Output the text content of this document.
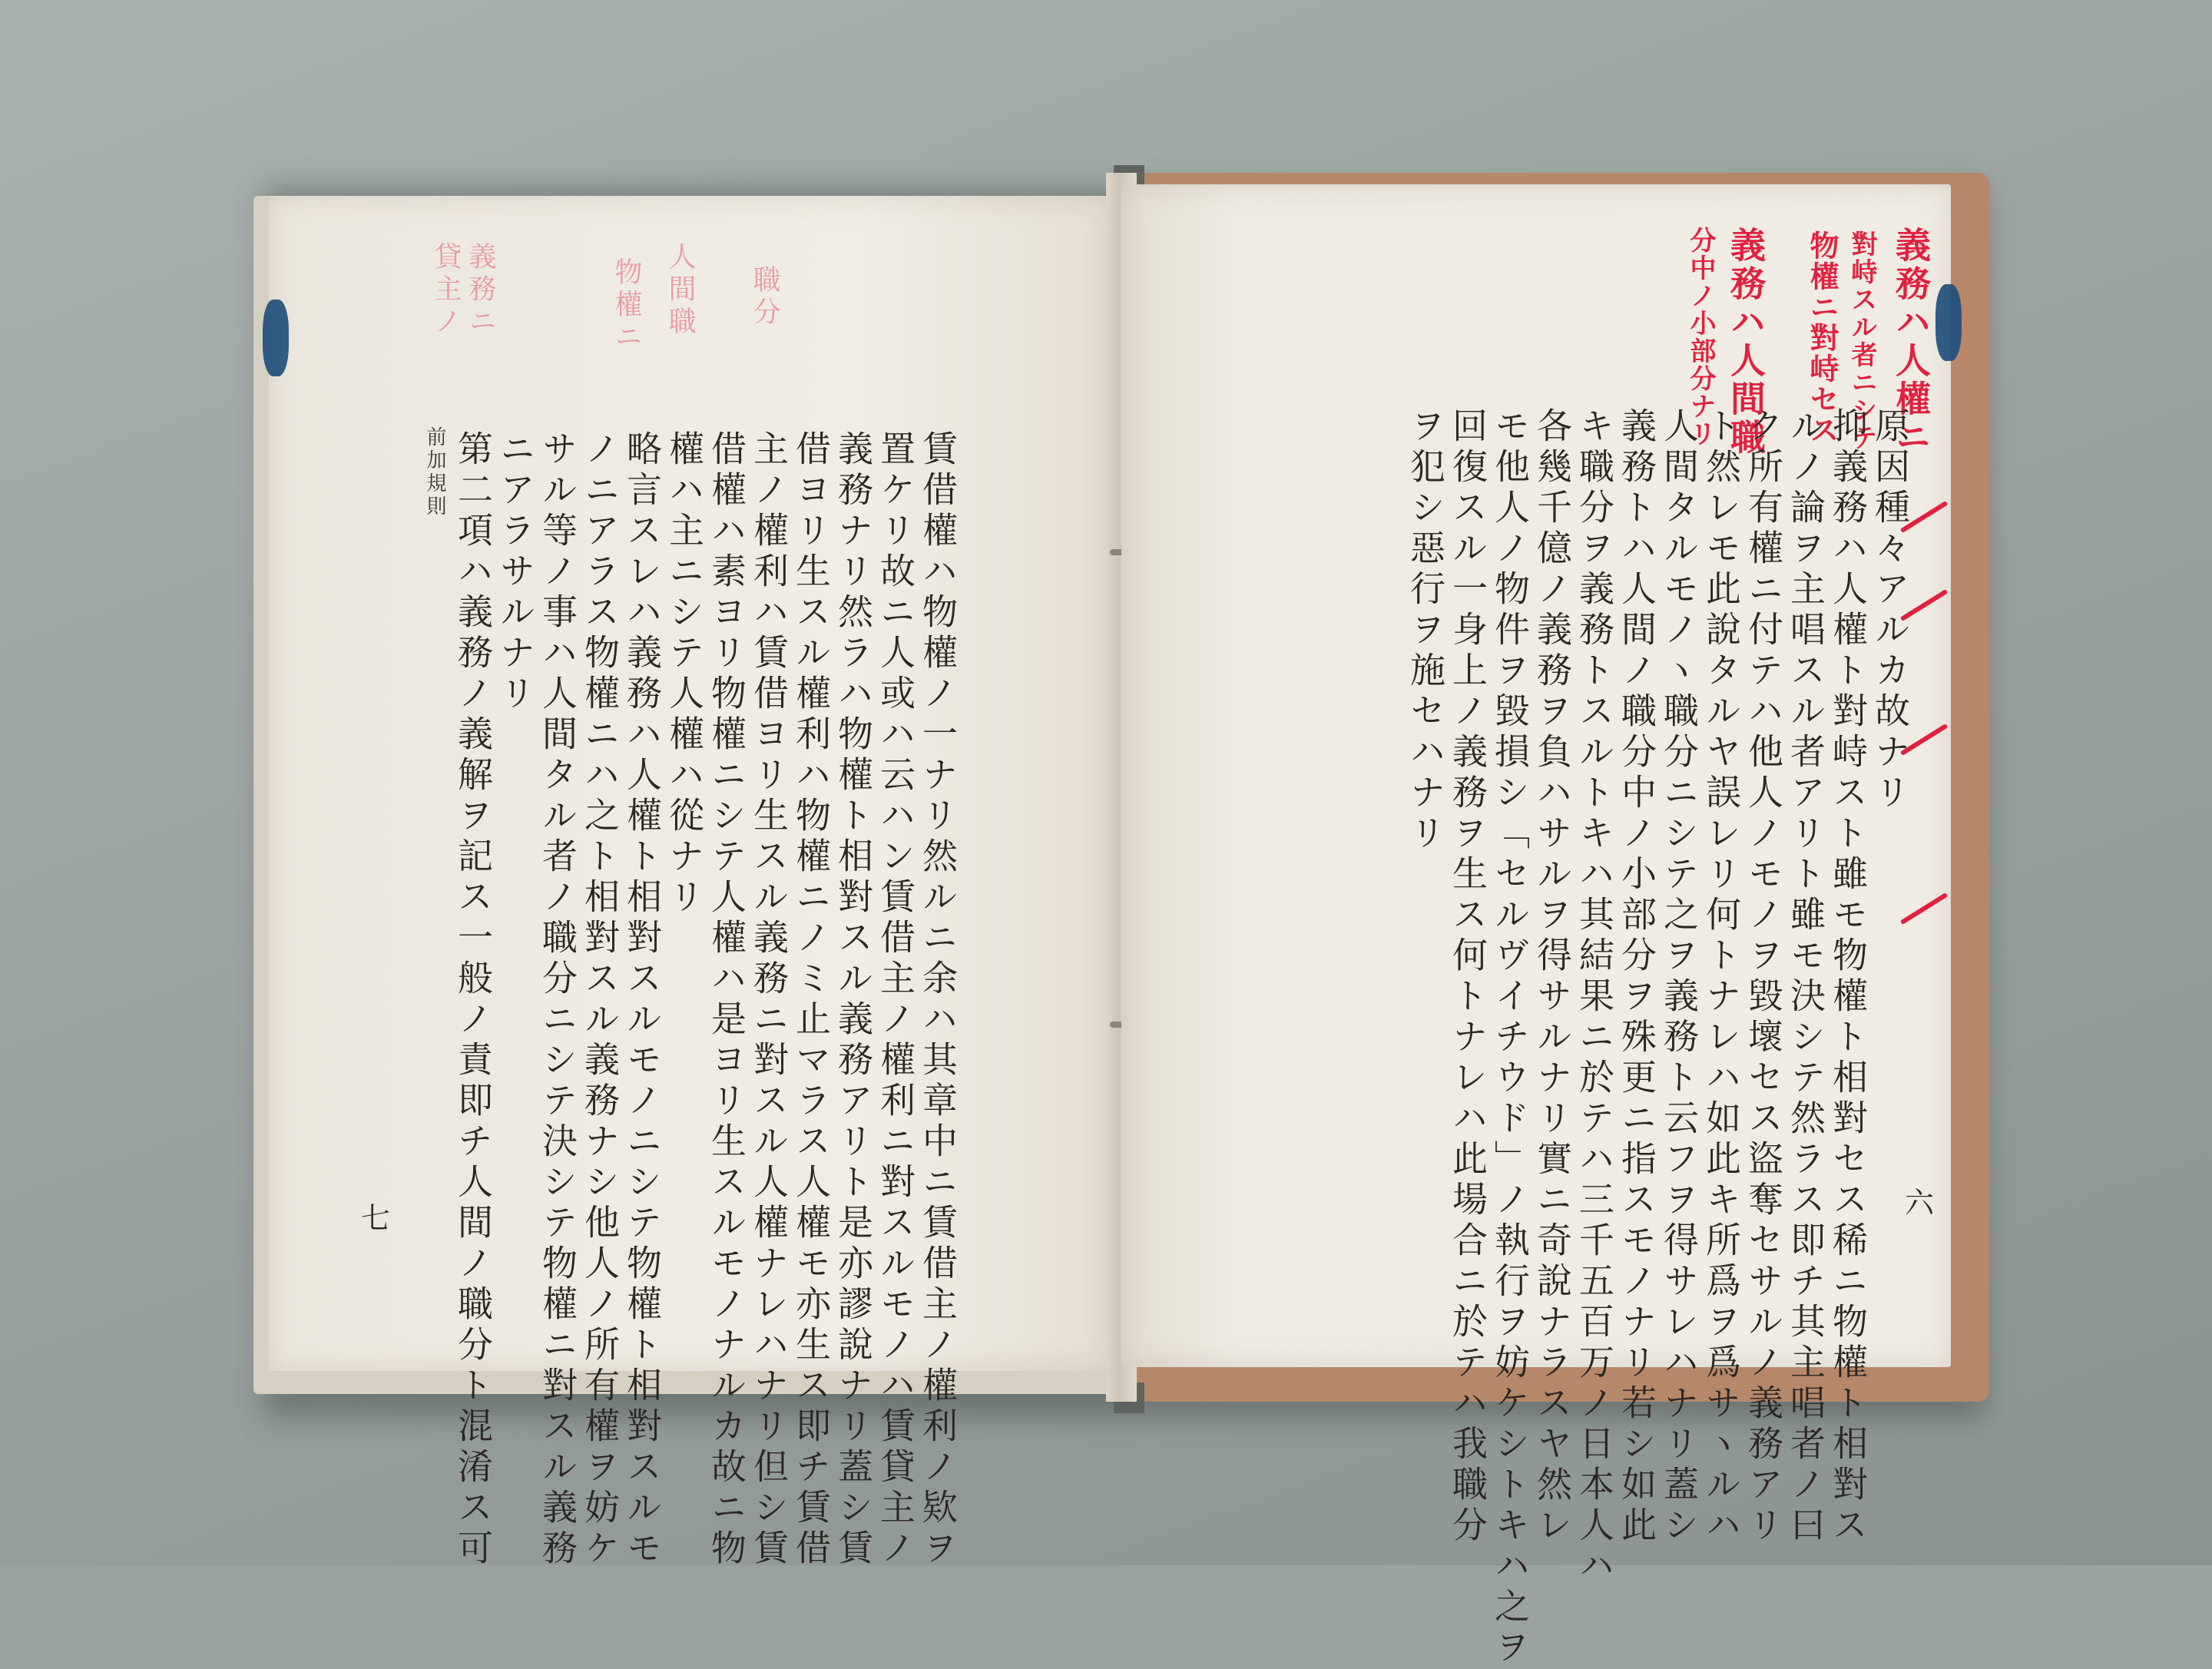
貸主ノ 義務ニ	物權ニ 人間職 職分
賃借權ハ物權ノ一ナリ然ルニ余ハ其章中ニ賃借主ノ權利ノ欵ヲ
置ケリ故ニ人或ハ云ハン賃借主ノ權利ニ對スルモノハ賃貸主ノ
義務ナリ然ラハ物權ト相對スル義務アリト是亦謬說ナリ蓋シ賃
借ヨリ生スル權利ハ物權ニノミ止マラス人權モ亦生ス即チ賃借
主ノ權利ハ賃借ヨリ生スル義務ニ對スル人權ナレハナリ但シ賃
借權ハ素ヨリ物權ニシテ人權ハ是ヨリ生スルモノナルカ故ニ物
權ハ主ニシテ人權ハ從ナリ
略言スレハ義務ハ人權ト相對スルモノニシテ物權ト相對スルモ
ノニアラス物權ニハ之ト相對スル義務ナシ他人ノ所有權ヲ妨ケ
サル等ノ事ハ人間タル者ノ職分ニシテ決シテ物權ニ對スル義務
ニアラサルナリ
第二項ハ義務ノ義解ヲ記ス一般ノ責即チ人間ノ職分ト混淆ス可
前加規則
七
義務ハ人權ニ
對峙スル者ニシテ
物權ニ對峙セス
義務ハ人間職
分中ノ小部分ナリ
原因種々アルカ故ナリ
抑義務ハ人權ト對峙スト雖モ物權ト相對セス稀ニ物權ト相對ス
ルノ論ヲ主唱スル者アリト雖モ決シテ然ラス即チ其主唱者ノ曰
ク所有權ニ付テハ他人ノモノヲ毀壞セス盜奪セサルノ義務アリ
ト然レモ此說タルヤ誤レリ何トナレハ如此キ所爲ヲ爲サヽルハ
人間タルモノヽ職分ニシテ之ヲ義務ト云フヲ得サレハナリ蓋シ
義務トハ人間ノ職分中ノ小部分ヲ殊更ニ指スモノナリ若シ如此
キ職分ヲ義務トスルトキハ其結果ニ於テハ三千五百万ノ日本人ハ
各幾千億ノ義務ヲ負ハサルヲ得サルナリ實ニ奇說ナラスヤ然レ
モ他人ノ物件ヲ毀損シ「セルヴイチウド」ノ執行ヲ妨ケシトキハ之ヲ
回復スル一身上ノ義務ヲ生ス何トナレハ此場合ニ於テハ我職分
ヲ犯シ惡行ヲ施セハナリ
六
